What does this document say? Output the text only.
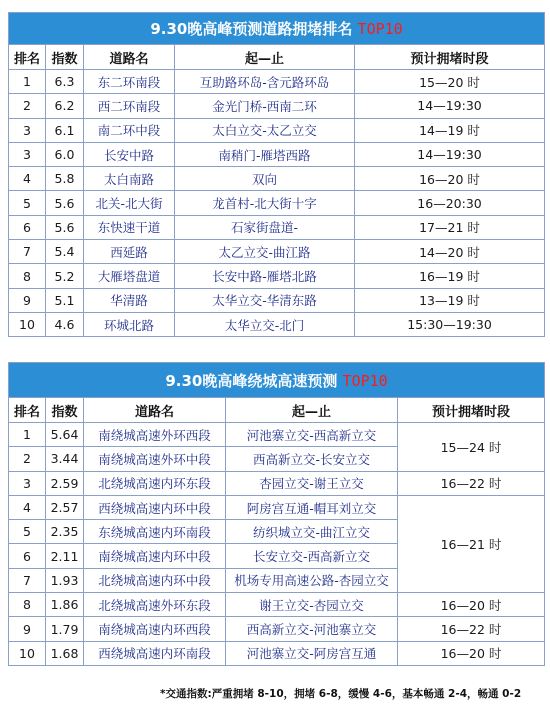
9.30晚高峰预测道路拥堵排名 TOP10				
排名	指数	道路名	起—止	预计拥堵时段
1	6.3	东二环南段	互助路环岛-含元路环岛	15—20 时
2	6.2	西二环南段	金光门桥-西南二环	14—19:30
3	6.1	南二环中段	太白立交-太乙立交	14—19 时
3	6.0	长安中路	南稍门-雁塔西路	14—19:30
4	5.8	太白南路	双向	16—20 时
5	5.6	北关-北大街	龙首村-北大街十字	16—20:30
6	5.6	东快速干道	石家街盘道-	17—21 时
7	5.4	西延路	太乙立交-曲江路	14—20 时
8	5.2	大雁塔盘道	长安中路-雁塔北路	16—19 时
9	5.1	华清路	太华立交-华清东路	13—19 时
10	4.6	环城北路	太华立交-北门	15:30—19:30
9.30晚高峰绕城高速预测 TOP10				
排名	指数	道路名	起—止	预计拥堵时段
1	5.64	南绕城高速外环西段	河池寨立交-西高新立交	15—24 时
2	3.44	南绕城高速外环中段	西高新立交-长安立交	
3	2.59	北绕城高速内环东段	杏园立交-谢王立交	16—22 时
4	2.57	西绕城高速内环中段	阿房宫互通-帽耳刘立交	16—21 时
5	2.35	东绕城高速内环南段	纺织城立交-曲江立交	
6	2.11	南绕城高速内环中段	长安立交-西高新立交	
7	1.93	北绕城高速内环中段	机场专用高速公路-杏园立交	
8	1.86	北绕城高速外环东段	谢王立交-杏园立交	16—20 时
9	1.79	南绕城高速内环西段	西高新立交-河池寨立交	16—22 时
10	1.68	西绕城高速内环南段	河池寨立交-阿房宫互通	16—20 时
*交通指数:严重拥堵 8-10，拥堵 6-8，缓慢 4-6，基本畅通 2-4，畅通 0-2
